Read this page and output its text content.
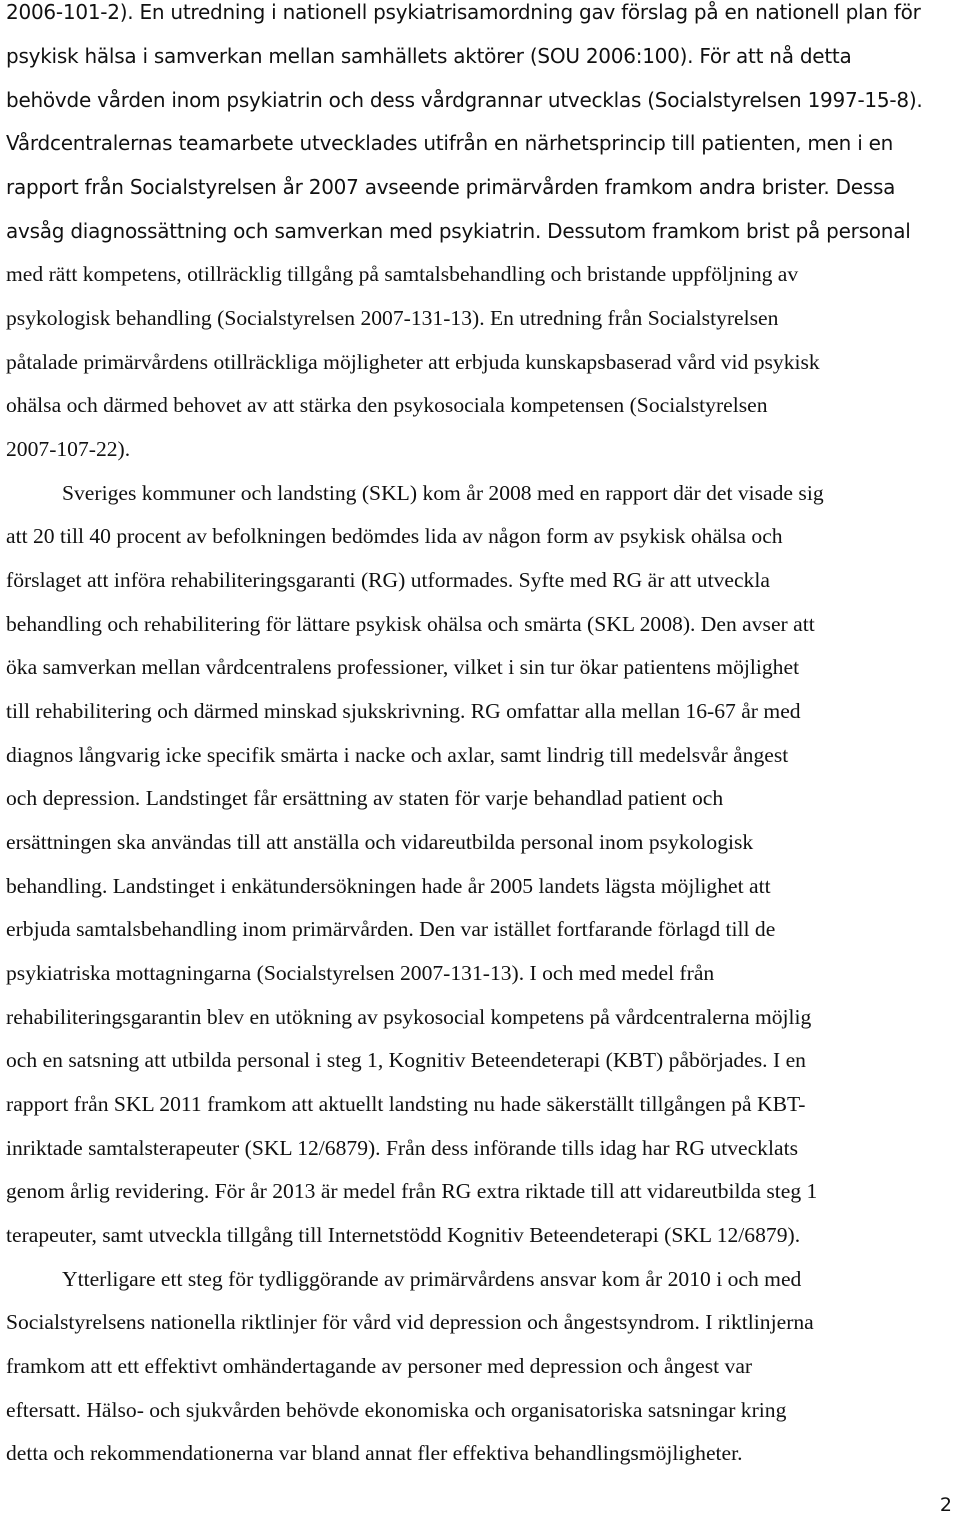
2006-101-2). En utredning i nationell psykiatrisamordning gav förslag på en nationell plan för
psykisk hälsa i samverkan mellan samhällets aktörer (SOU 2006:100). För att nå detta
behövde vården inom psykiatrin och dess vårdgrannar utvecklas (Socialstyrelsen 1997-15-8).
Vårdcentralernas teamarbete utvecklades utifrån en närhetsprincip till patienten, men i en
rapport från Socialstyrelsen år 2007 avseende primärvården framkom andra brister. Dessa
avsåg diagnossättning och samverkan med psykiatrin. Dessutom framkom brist på personal
med rätt kompetens, otillräcklig tillgång på samtalsbehandling och bristande uppföljning av
psykologisk behandling (Socialstyrelsen 2007-131-13). En utredning från Socialstyrelsen
påtalade primärvårdens otillräckliga möjligheter att erbjuda kunskapsbaserad vård vid psykisk
ohälsa och därmed behovet av att stärka den psykosociala kompetensen (Socialstyrelsen
2007-107-22).
Sveriges kommuner och landsting (SKL) kom år 2008 med en rapport där det visade sig
att 20 till 40 procent av befolkningen bedömdes lida av någon form av psykisk ohälsa och
förslaget att införa rehabiliteringsgaranti (RG) utformades. Syfte med RG är att utveckla
behandling och rehabilitering för lättare psykisk ohälsa och smärta (SKL 2008). Den avser att
öka samverkan mellan vårdcentralens professioner, vilket i sin tur ökar patientens möjlighet
till rehabilitering och därmed minskad sjukskrivning. RG omfattar alla mellan 16-67 år med
diagnos långvarig icke specifik smärta i nacke och axlar, samt lindrig till medelsvår ångest
och depression. Landstinget får ersättning av staten för varje behandlad patient och
ersättningen ska användas till att anställa och vidareutbilda personal inom psykologisk
behandling. Landstinget i enkätundersökningen hade år 2005 landets lägsta möjlighet att
erbjuda samtalsbehandling inom primärvården. Den var istället fortfarande förlagd till de
psykiatriska mottagningarna (Socialstyrelsen 2007-131-13). I och med medel från
rehabiliteringsgarantin blev en utökning av psykosocial kompetens på vårdcentralerna möjlig
och en satsning att utbilda personal i steg 1, Kognitiv Beteendeterapi (KBT) påbörjades. I en
rapport från SKL 2011 framkom att aktuellt landsting nu hade säkerställt tillgången på KBT-
inriktade samtalsterapeuter (SKL 12/6879). Från dess införande tills idag har RG utvecklats
genom årlig revidering. För år 2013 är medel från RG extra riktade till att vidareutbilda steg 1
terapeuter, samt utveckla tillgång till Internetstödd Kognitiv Beteendeterapi (SKL 12/6879).
Ytterligare ett steg för tydliggörande av primärvårdens ansvar kom år 2010 i och med
Socialstyrelsens nationella riktlinjer för vård vid depression och ångestsyndrom. I riktlinjerna
framkom att ett effektivt omhändertagande av personer med depression och ångest var
eftersatt. Hälso- och sjukvården behövde ekonomiska och organisatoriska satsningar kring
detta och rekommendationerna var bland annat fler effektiva behandlingsmöjligheter.
2
